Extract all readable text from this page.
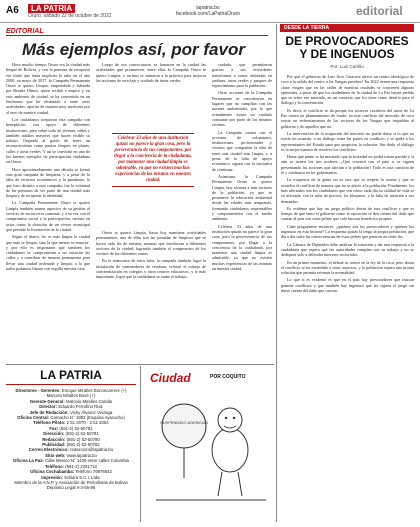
A6	LA PATRIA
Oruro, sábado 22 de octubre de 2022
lapatria.bo
facebook.com/LaPatriaOruro	editorial
EDITORIAL
Más ejemplos así, por favor

Hace mucho tiempo Oruro era la ciudad más limpia de Bolivia, y con la premisa de recuperar ese título que tenía implícita la urbe en el año 2000, en mayo de 2017, la Campaña Permanente Oruro te quiero Limpia, emprendida y liderada por Beatriz Olmos, quien recibió e inspiró y, en este ambiente de ciudad, se ha convertido en un fenómeno que ha alcanzado a entre otras actividades, aportar de manera muy meritoria por el aseo de nuestra ciudad.

Los ciudadanos aceptaron esta campaña con beneplácito, con apoyo de diferentes instituciones, pero sobre todo de jóvenes, niños y también adultos mayores que hacen visible su trabajo, llegando al grado de tener un reconocimiento como puntos limpios en plazas, calles y áreas verdes. Y así se convirtió en uno de los buenos ejemplos de participación ciudadana en Oruro.

Hace aproximadamente una década se formó esta gran campaña de limpieza, y a pesar de la falta de recursos económicos y la pandemia, lo que hizo distinto a esta campaña, fue la voluntad de las personas de ser parte de una ciudad más limpia y de recuperar la identidad.

La Campaña Permanente Oruro te quiero Limpia también asume aspectos de su gestión al servicio de un servicio comunal, y a su vez con el compromiso social y la participación, incluso en actos como la dotación de un vivero municipal que permite la forestación de la ciudad.

Según el diario, 'no es más limpia la ciudad que más se limpia, sino la que menos se ensucia', y por ello es importante que también los ciudadanos se comprometan a no ensuciar las calles y a contribuir de manera permanente para llevar una ciudad ordenada y limpia, a la que todos podamos llamar con orgullo nuestra casa.

Luego de esa convocatoria, se lanzaron en la ciudad las actividades que promueven, entre ellas la Campaña Oruro te quiero Limpia, e incluso se sumaron a la práctica para mejorar las acciones de reciclaje y cuidado de áreas verdes.

Celebrar 33 años de una institución quizás no parece la gran cosa, pero la perseverancia de sus componentes, por llegar a la conciencia de la ciudadanía, por mantener una ciudad limpia es admirable, ya que no existen muchas experiencias de las mismas en nuestra ciudad.

Oruro te quiero Limpia, hasta hoy mantiene actividades permanentes, una de ellas son las jornadas de limpieza que se hacen cada fin de semana, mismas que involucran a diferentes sectores de la ciudad, logrando también el compromiso de los vecinos de las diferentes zonas.

En el transcurso de estos años, la campaña también logró la instalación de contenedores de residuos, reforzó el trabajo de concientización en colegios y otros centros educativos, y lo más importante, logró que la ciudadanía se sume al trabajo.

cuidado, que permitieron gracias a sus actividades transformar a zonas olvidadas en jardines, áreas verdes y parques de esparcimiento para la población.

Otras acciones de la Campaña Permanente se convirtieron en lugares que no cumplían con las normas ambientales, por lo que actualmente existe un cuidado constante por parte de los mismos vecinos.

La Campaña cuenta con el accionar de voluntarios, instituciones, profesionales y vecinos que comparten la idea de tener una ciudad más limpia, y a pesar de la falta de apoyo económico siguen con la iniciativa de continuar.

Asimismo, la Campaña Permanente Oruro te quiero Limpia, hoy alcanza a más sectores de la población, ya que se promueve la educación ambiental desde las edades más tempranas, formando ciudadanos responsables y comprometidos con el medio ambiente.

Celebrar 33 años de una institución quizás no parece la gran cosa, pero la perseverancia de sus componentes, por llegar a la conciencia de la ciudadanía, por mantener una ciudad limpia es admirable, ya que no existen muchas experiencias de las mismas en nuestra ciudad.

DESDE LA TIERRA
DE PROVOCADORES Y DE INGENUOS
Por: Luis Carrillo

Por qué el gobierno de Luis Arce Catacora ofrece un centro ideológico de coca a la salida del centro a las Yungas paceños? En 2022 tienen una respuesta clara: exigen que en las calles de nuestras ciudades se concreten algunas opiniones, a pesar de que los ciudadanos de la ciudad de La Paz hayan pedido que se retire ese mercado, en un contexto que los tiene como desafío para el diálogo y la concertación.

Es decir, el conflicto se da porque los sectores cocaleros del norte de La Paz tienen un planteamiento de fondo: en este conflicto del mercado de coca existe un enfrentamiento de los sectores de los Yungas que respaldan al gobierno y de aquellos que no.

La intervención de la ocupación del mercado no puede darse si es que no existe un acuerdo, o un diálogo entre las partes en conflicto, y se apela a los representantes del Estado para que propicien la solución. Sin duda, el diálogo es la mejor manera de resolver los conflictos.

Hasta qué punto se ha mostrado que la sociedad no podrá tomar partido y si aún se tienen los tres poderes, ¿Qué ocurrirá con el país si se siguen presentando las acciones que afectan a la población? Todo es una cuestión de fe y confianza en los gobernantes.

La exigencia de la gente no es otra que se respete la norma y que se resuelva el conflicto de manera que no se afecte a la población. Finalmente, los más afectados son los ciudadanos que ven cómo cada día su calidad de vida se ve afectada, con la suba de precios, los bloqueos, y la falta de atención a sus demandas.

Es evidente que hay un juego político detrás de este conflicto y que es tiempo de que tanto el gobierno como la oposición se den cuenta del daño que causan al país con estas peleas que solo buscan beneficios propios.

Cabe preguntarse entonces, ¿quiénes son los provocadores y quiénes los ingenuos en esta historia? La respuesta quizás la tenga la propia población, que día a día sufre las consecuencias de estas peleas que parecen no tener fin.

La Cámara de Diputados debe analizar la situación y dar una respuesta a la ciudadanía que espera que las autoridades cumplan con su trabajo y no se dediquen solo a defender intereses sectoriales.

En un primer momento, el debate se centró en la ley de la coca, pero ahora el conflicto se ha extendido a otros aspectos, y la población espera una pronta solución que permita retomar la normalidad.

Lo que sí es evidente es que en el país hay provocadores que buscan generar conflictos y que también hay ingenuos que les siguen el juego sin darse cuenta del daño que causan.

LA PATRIA

Directores - Gerentes: Enrique Miralles Bonnecarrere (+)

Marcelo Miralles Bové (+)

Gerente General: Marcelo Miralles Candia

Director: Eduardo Ferrufino Ruiz

Jefe de Redacción: Vicky Álvarez Veizaga

Oficina Central: Camacho N° 1892 (Esquina Ayacucho)

Teléfono Piloto: 2 51 2070 - 2 51 2064

Fax: (591-2) 52-50781

Dirección: (591-2) 52-50781

Redacción: (591-2) 52-50780

Publicidad: (591-2) 52-50782

Correo Electrónico: redaccion@lapatria.bo

Sitio web: www.lapatria.bo

Oficina La Paz: Calle Mexico N° 1430 entre calles Colombia

Teléfono: (591-2) 2201710

Oficina Cochabamba: Teléfono 76976542

Impresión: Editora S.C.I. Ltda.

Miembro de la A.N.P. y Asociación de Periodistas de Bolivia

Depósito Legal 4-3-55-96

Ciudad	POR COQUITO
SUSPENDIDO AGENCIAS
